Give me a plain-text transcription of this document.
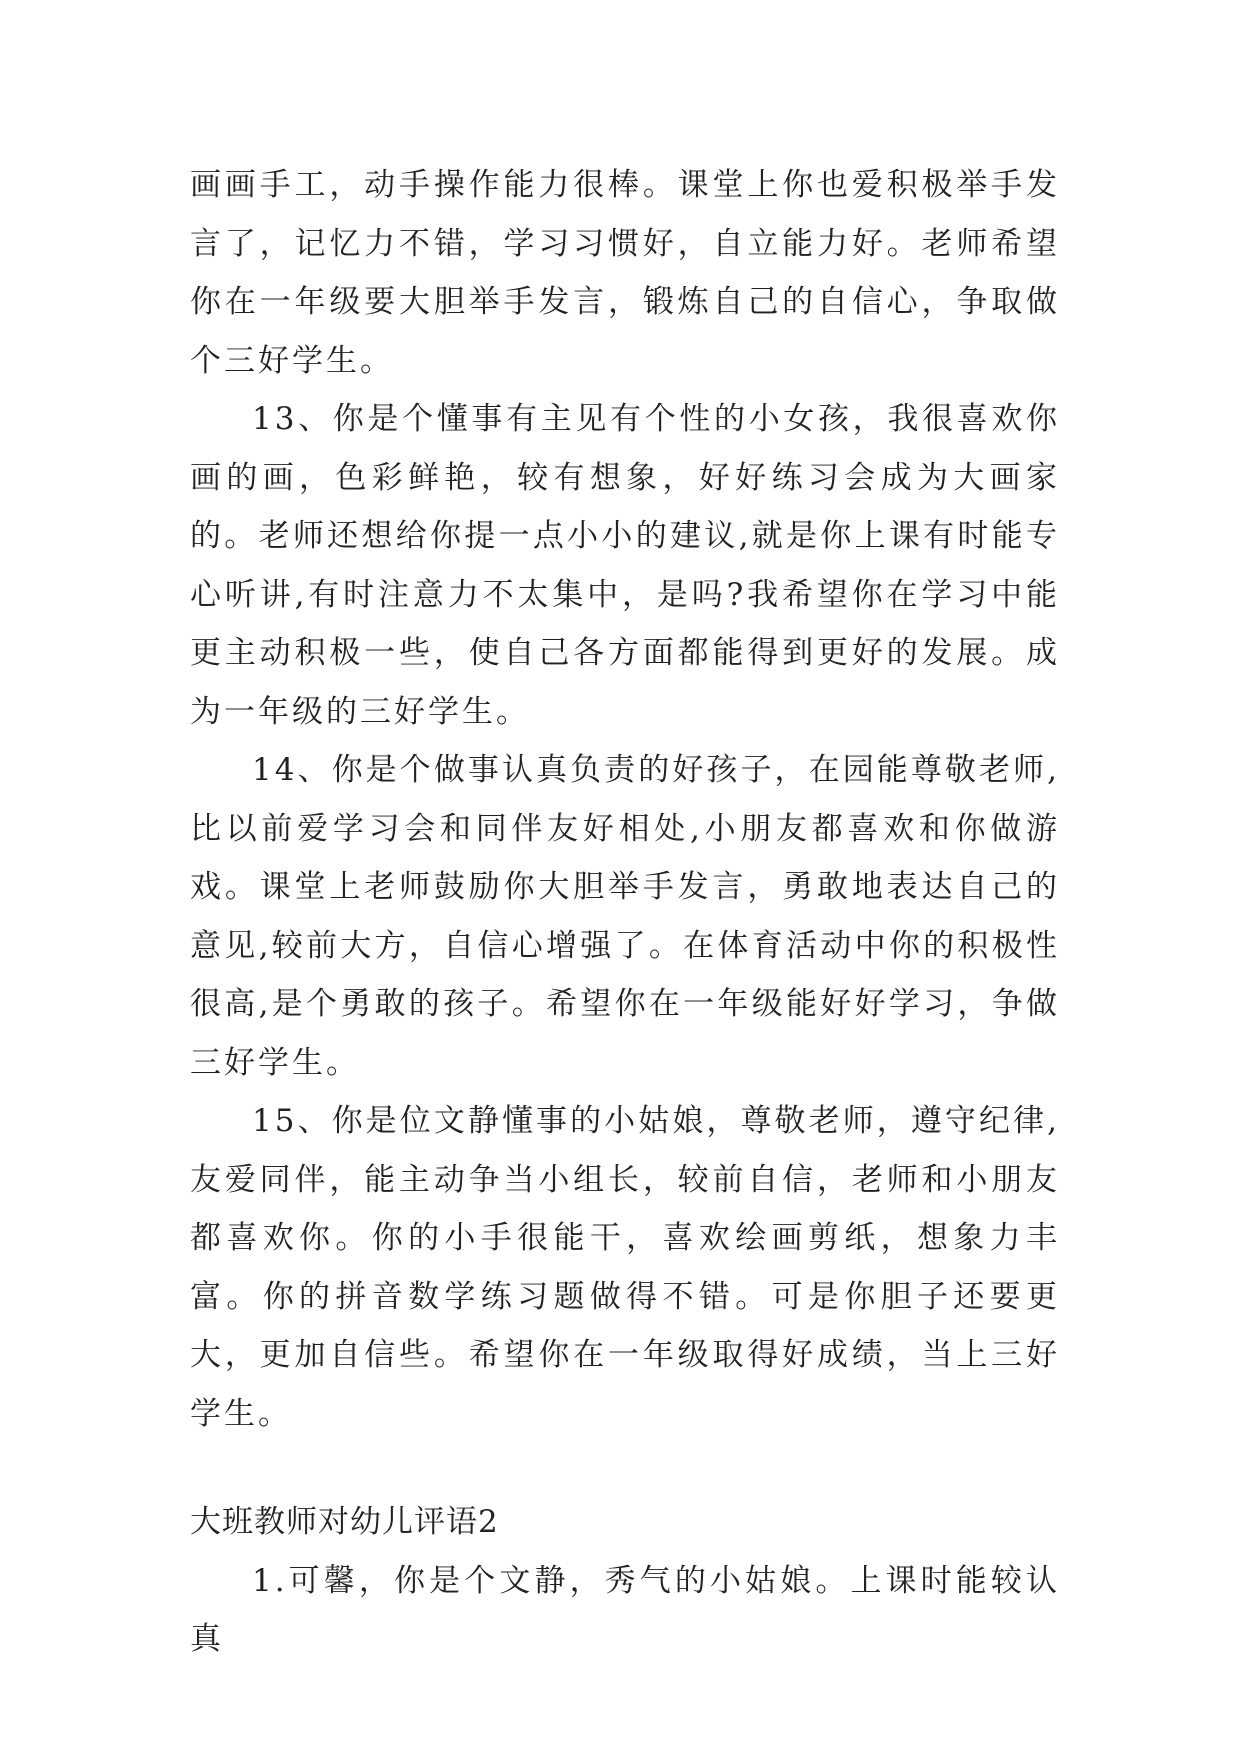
画画手工，动手操作能力很棒。课堂上你也爱积极举手发言了，记忆力不错，学习习惯好，自立能力好。老师希望你在一年级要大胆举手发言，锻炼自己的自信心，争取做个三好学生。

13、你是个懂事有主见有个性的小女孩，我很喜欢你画的画，色彩鲜艳，较有想象，好好练习会成为大画家的。老师还想给你提一点小小的建议,就是你上课有时能专心听讲,有时注意力不太集中，是吗?我希望你在学习中能更主动积极一些，使自己各方面都能得到更好的发展。成为一年级的三好学生。

14、你是个做事认真负责的好孩子，在园能尊敬老师,比以前爱学习会和同伴友好相处,小朋友都喜欢和你做游戏。课堂上老师鼓励你大胆举手发言，勇敢地表达自己的意见,较前大方，自信心增强了。在体育活动中你的积极性很高,是个勇敢的孩子。希望你在一年级能好好学习，争做三好学生。

15、你是位文静懂事的小姑娘，尊敬老师，遵守纪律,友爱同伴，能主动争当小组长，较前自信，老师和小朋友都喜欢你。你的小手很能干，喜欢绘画剪纸，想象力丰富。你的拼音数学练习题做得不错。可是你胆子还要更大，更加自信些。希望你在一年级取得好成绩，当上三好学生。

大班教师对幼儿评语2

1.可馨，你是个文静，秀气的小姑娘。上课时能较认真
